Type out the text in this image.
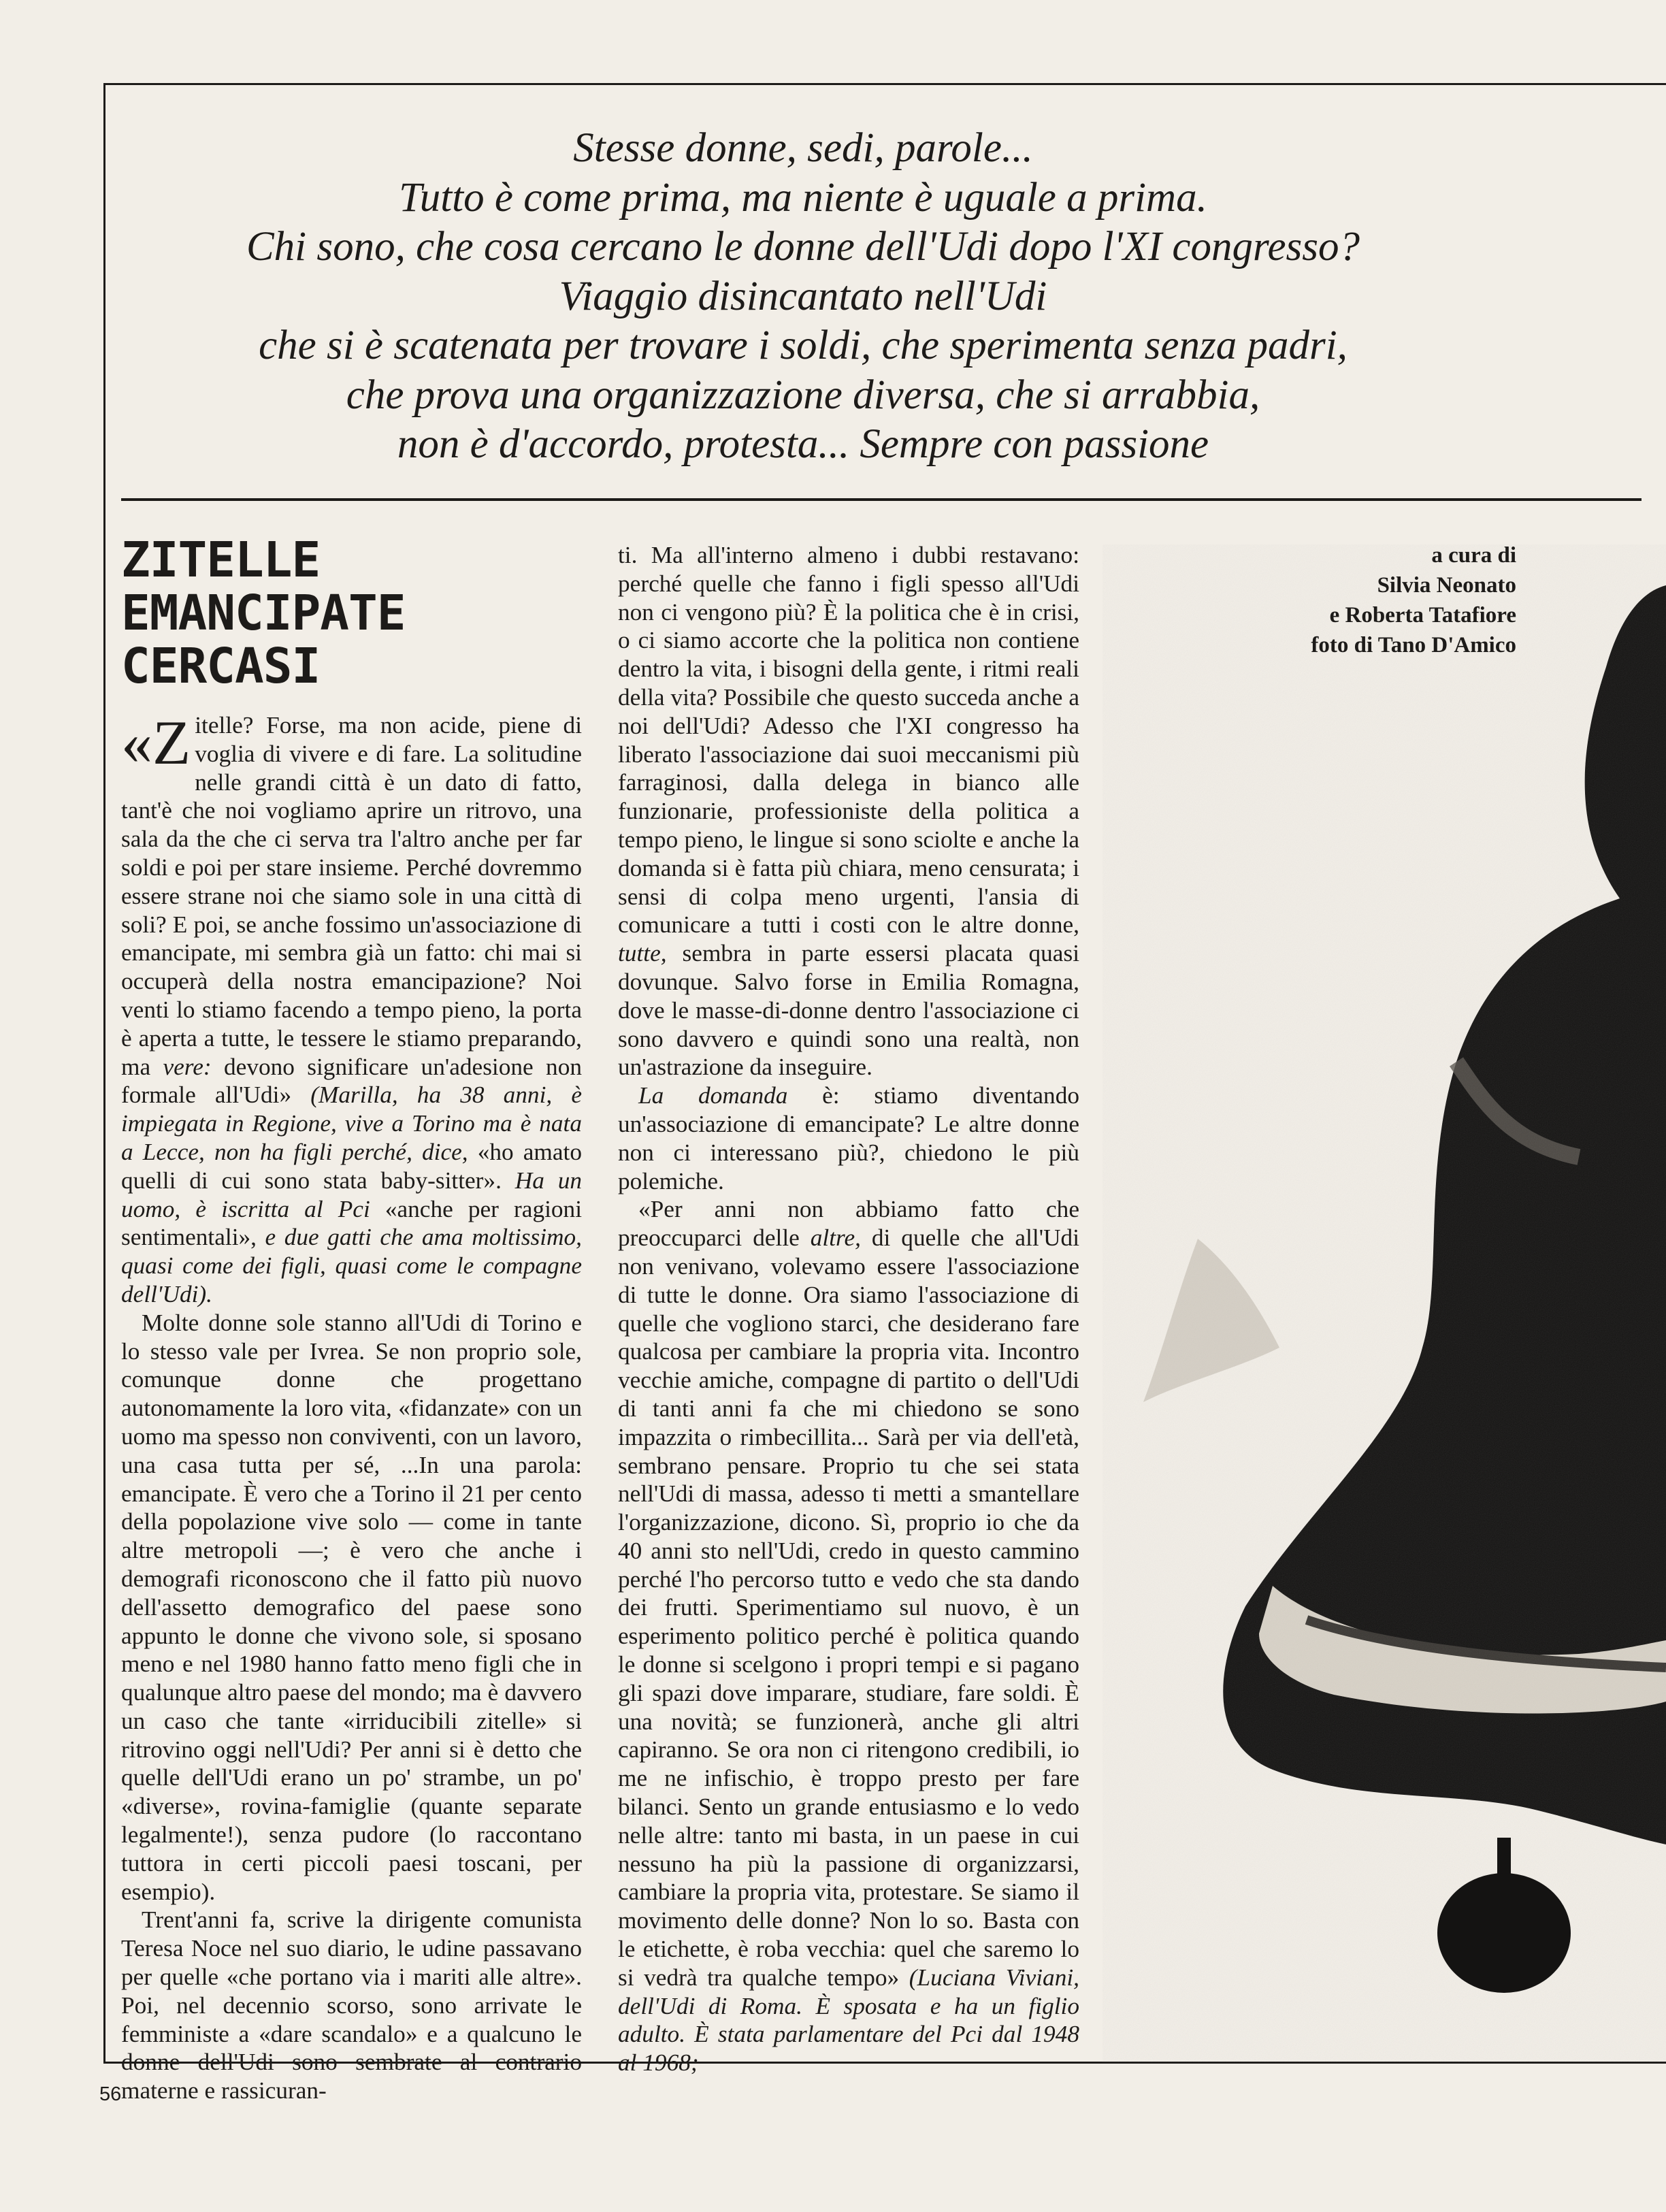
Stesse donne, sedi, parole...
Tutto è come prima, ma niente è uguale a prima.
Chi sono, che cosa cercano le donne dell'Udi dopo l'XI congresso?
Viaggio disincantato nell'Udi
che si è scatenata per trovare i soldi, che sperimenta senza padri,
che prova una organizzazione diversa, che si arrabbia,
non è d'accordo, protesta... Sempre con passione
ZITELLE
EMANCIPATE
CERCASI

«Zitelle? Forse, ma non acide, piene di voglia di vivere e di fare. La solitudine nelle grandi città è un dato di fatto, tant'è che noi vogliamo aprire un ritrovo, una sala da the che ci serva tra l'altro anche per far soldi e poi per stare insieme. Perché dovremmo essere strane noi che siamo sole in una città di soli? E poi, se anche fossimo un'associazione di emancipate, mi sembra già un fatto: chi mai si occuperà della nostra emancipazione? Noi venti lo stiamo facendo a tempo pieno, la porta è aperta a tutte, le tessere le stiamo preparando, ma vere: devono significare un'adesione non formale all'Udi» (Marilla, ha 38 anni, è impiegata in Regione, vive a Torino ma è nata a Lecce, non ha figli perché, dice, «ho amato quelli di cui sono stata baby-sitter». Ha un uomo, è iscritta al Pci «anche per ragioni sentimentali», e due gatti che ama moltissimo, quasi come dei figli, quasi come le compagne dell'Udi).

Molte donne sole stanno all'Udi di Torino e lo stesso vale per Ivrea. Se non proprio sole, comunque donne che progettano autonomamente la loro vita, «fidanzate» con un uomo ma spesso non conviventi, con un lavoro, una casa tutta per sé, ...In una parola: emancipate. È vero che a Torino il 21 per cento della popolazione vive solo — come in tante altre metropoli —; è vero che anche i demografi riconoscono che il fatto più nuovo dell'assetto demografico del paese sono appunto le donne che vivono sole, si sposano meno e nel 1980 hanno fatto meno figli che in qualunque altro paese del mondo; ma è davvero un caso che tante «irriducibili zitelle» si ritrovino oggi nell'Udi? Per anni si è detto che quelle dell'Udi erano un po' strambe, un po' «diverse», rovina-famiglie (quante separate legalmente!), senza pudore (lo raccontano tuttora in certi piccoli paesi toscani, per esempio).

Trent'anni fa, scrive la dirigente comunista Teresa Noce nel suo diario, le udine passavano per quelle «che portano via i mariti alle altre». Poi, nel decennio scorso, sono arrivate le femministe a «dare scandalo» e a qualcuno le donne dell'Udi sono sembrate al contrario materne e rassicuran-

ti. Ma all'interno almeno i dubbi restavano: perché quelle che fanno i figli spesso all'Udi non ci vengono più? È la politica che è in crisi, o ci siamo accorte che la politica non contiene dentro la vita, i bisogni della gente, i ritmi reali della vita? Possibile che questo succeda anche a noi dell'Udi? Adesso che l'XI congresso ha liberato l'associazione dai suoi meccanismi più farraginosi, dalla delega in bianco alle funzionarie, professioniste della politica a tempo pieno, le lingue si sono sciolte e anche la domanda si è fatta più chiara, meno censurata; i sensi di colpa meno urgenti, l'ansia di comunicare a tutti i costi con le altre donne, tutte, sembra in parte essersi placata quasi dovunque. Salvo forse in Emilia Romagna, dove le masse-di-donne dentro l'associazione ci sono davvero e quindi sono una realtà, non un'astrazione da inseguire.

La domanda è: stiamo diventando un'associazione di emancipate? Le altre donne non ci interessano più?, chiedono le più polemiche.

«Per anni non abbiamo fatto che preoccuparci delle altre, di quelle che all'Udi non venivano, volevamo essere l'associazione di tutte le donne. Ora siamo l'associazione di quelle che vogliono starci, che desiderano fare qualcosa per cambiare la propria vita. Incontro vecchie amiche, compagne di partito o dell'Udi di tanti anni fa che mi chiedono se sono impazzita o rimbecillita... Sarà per via dell'età, sembrano pensare. Proprio tu che sei stata nell'Udi di massa, adesso ti metti a smantellare l'organizzazione, dicono. Sì, proprio io che da 40 anni sto nell'Udi, credo in questo cammino perché l'ho percorso tutto e vedo che sta dando dei frutti. Sperimentiamo sul nuovo, è un esperimento politico perché è politica quando le donne si scelgono i propri tempi e si pagano gli spazi dove imparare, studiare, fare soldi. È una novità; se funzionerà, anche gli altri capiranno. Se ora non ci ritengono credibili, io me ne infischio, è troppo presto per fare bilanci. Sento un grande entusiasmo e lo vedo nelle altre: tanto mi basta, in un paese in cui nessuno ha più la passione di organizzarsi, cambiare la propria vita, protestare. Se siamo il movimento delle donne? Non lo so. Basta con le etichette, è roba vecchia: quel che saremo lo si vedrà tra qualche tempo» (Luciana Viviani, dell'Udi di Roma. È sposata e ha un figlio adulto. È stata parlamentare del Pci dal 1948 al 1968;

a cura di
Silvia Neonato
e Roberta Tatafiore
foto di Tano D'Amico
56
